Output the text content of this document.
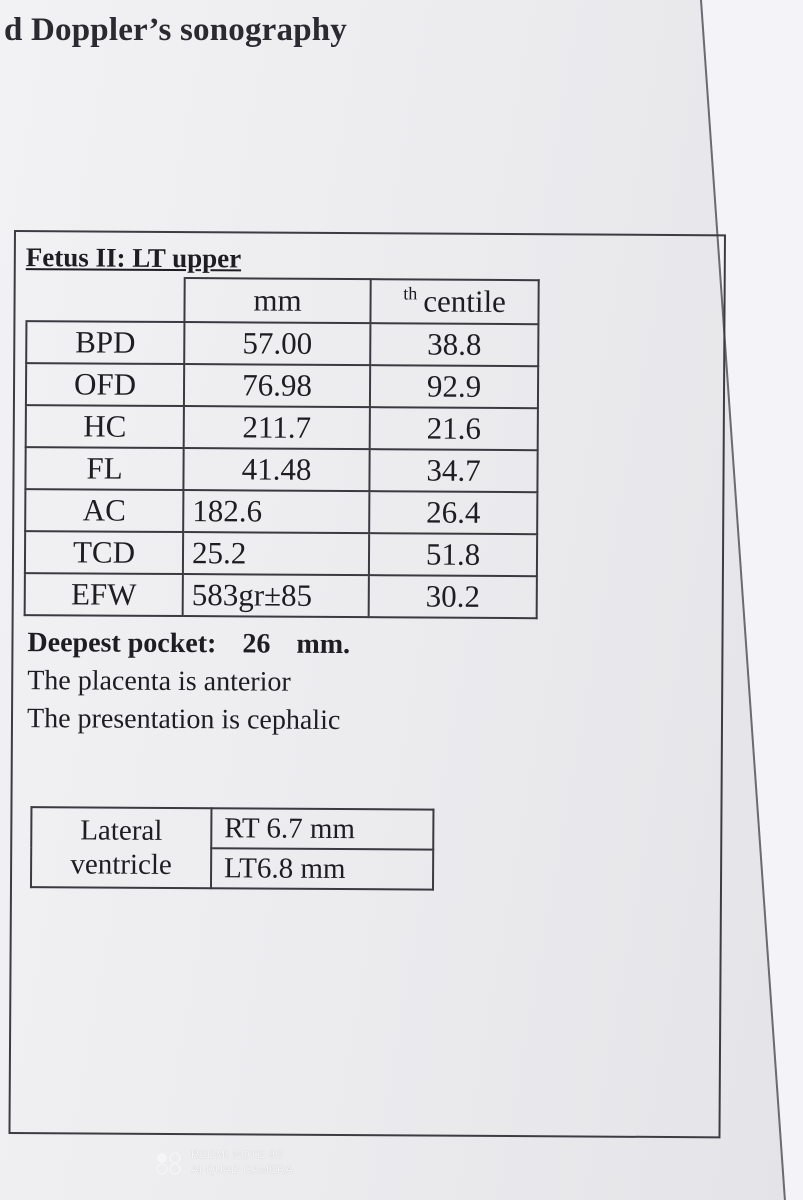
d Doppler’s sonography
Fetus II: LT upper
	mm	$^{th}$ centile
BPD	57.00	38.8
OFD	76.98	92.9
HC	211.7	21.6
FL	41.48	34.7
AC	182.6	26.4
TCD	25.2	51.8
EFW	583gr±85	30.2
Deepest pocket: 26 mm.
The placenta is anterior
The presentation is cephalic
Lateral
ventricle	RT 6.7 mm
LT6.8 mm
REDMI NOTE 9S
AI QUAD CAMERA
